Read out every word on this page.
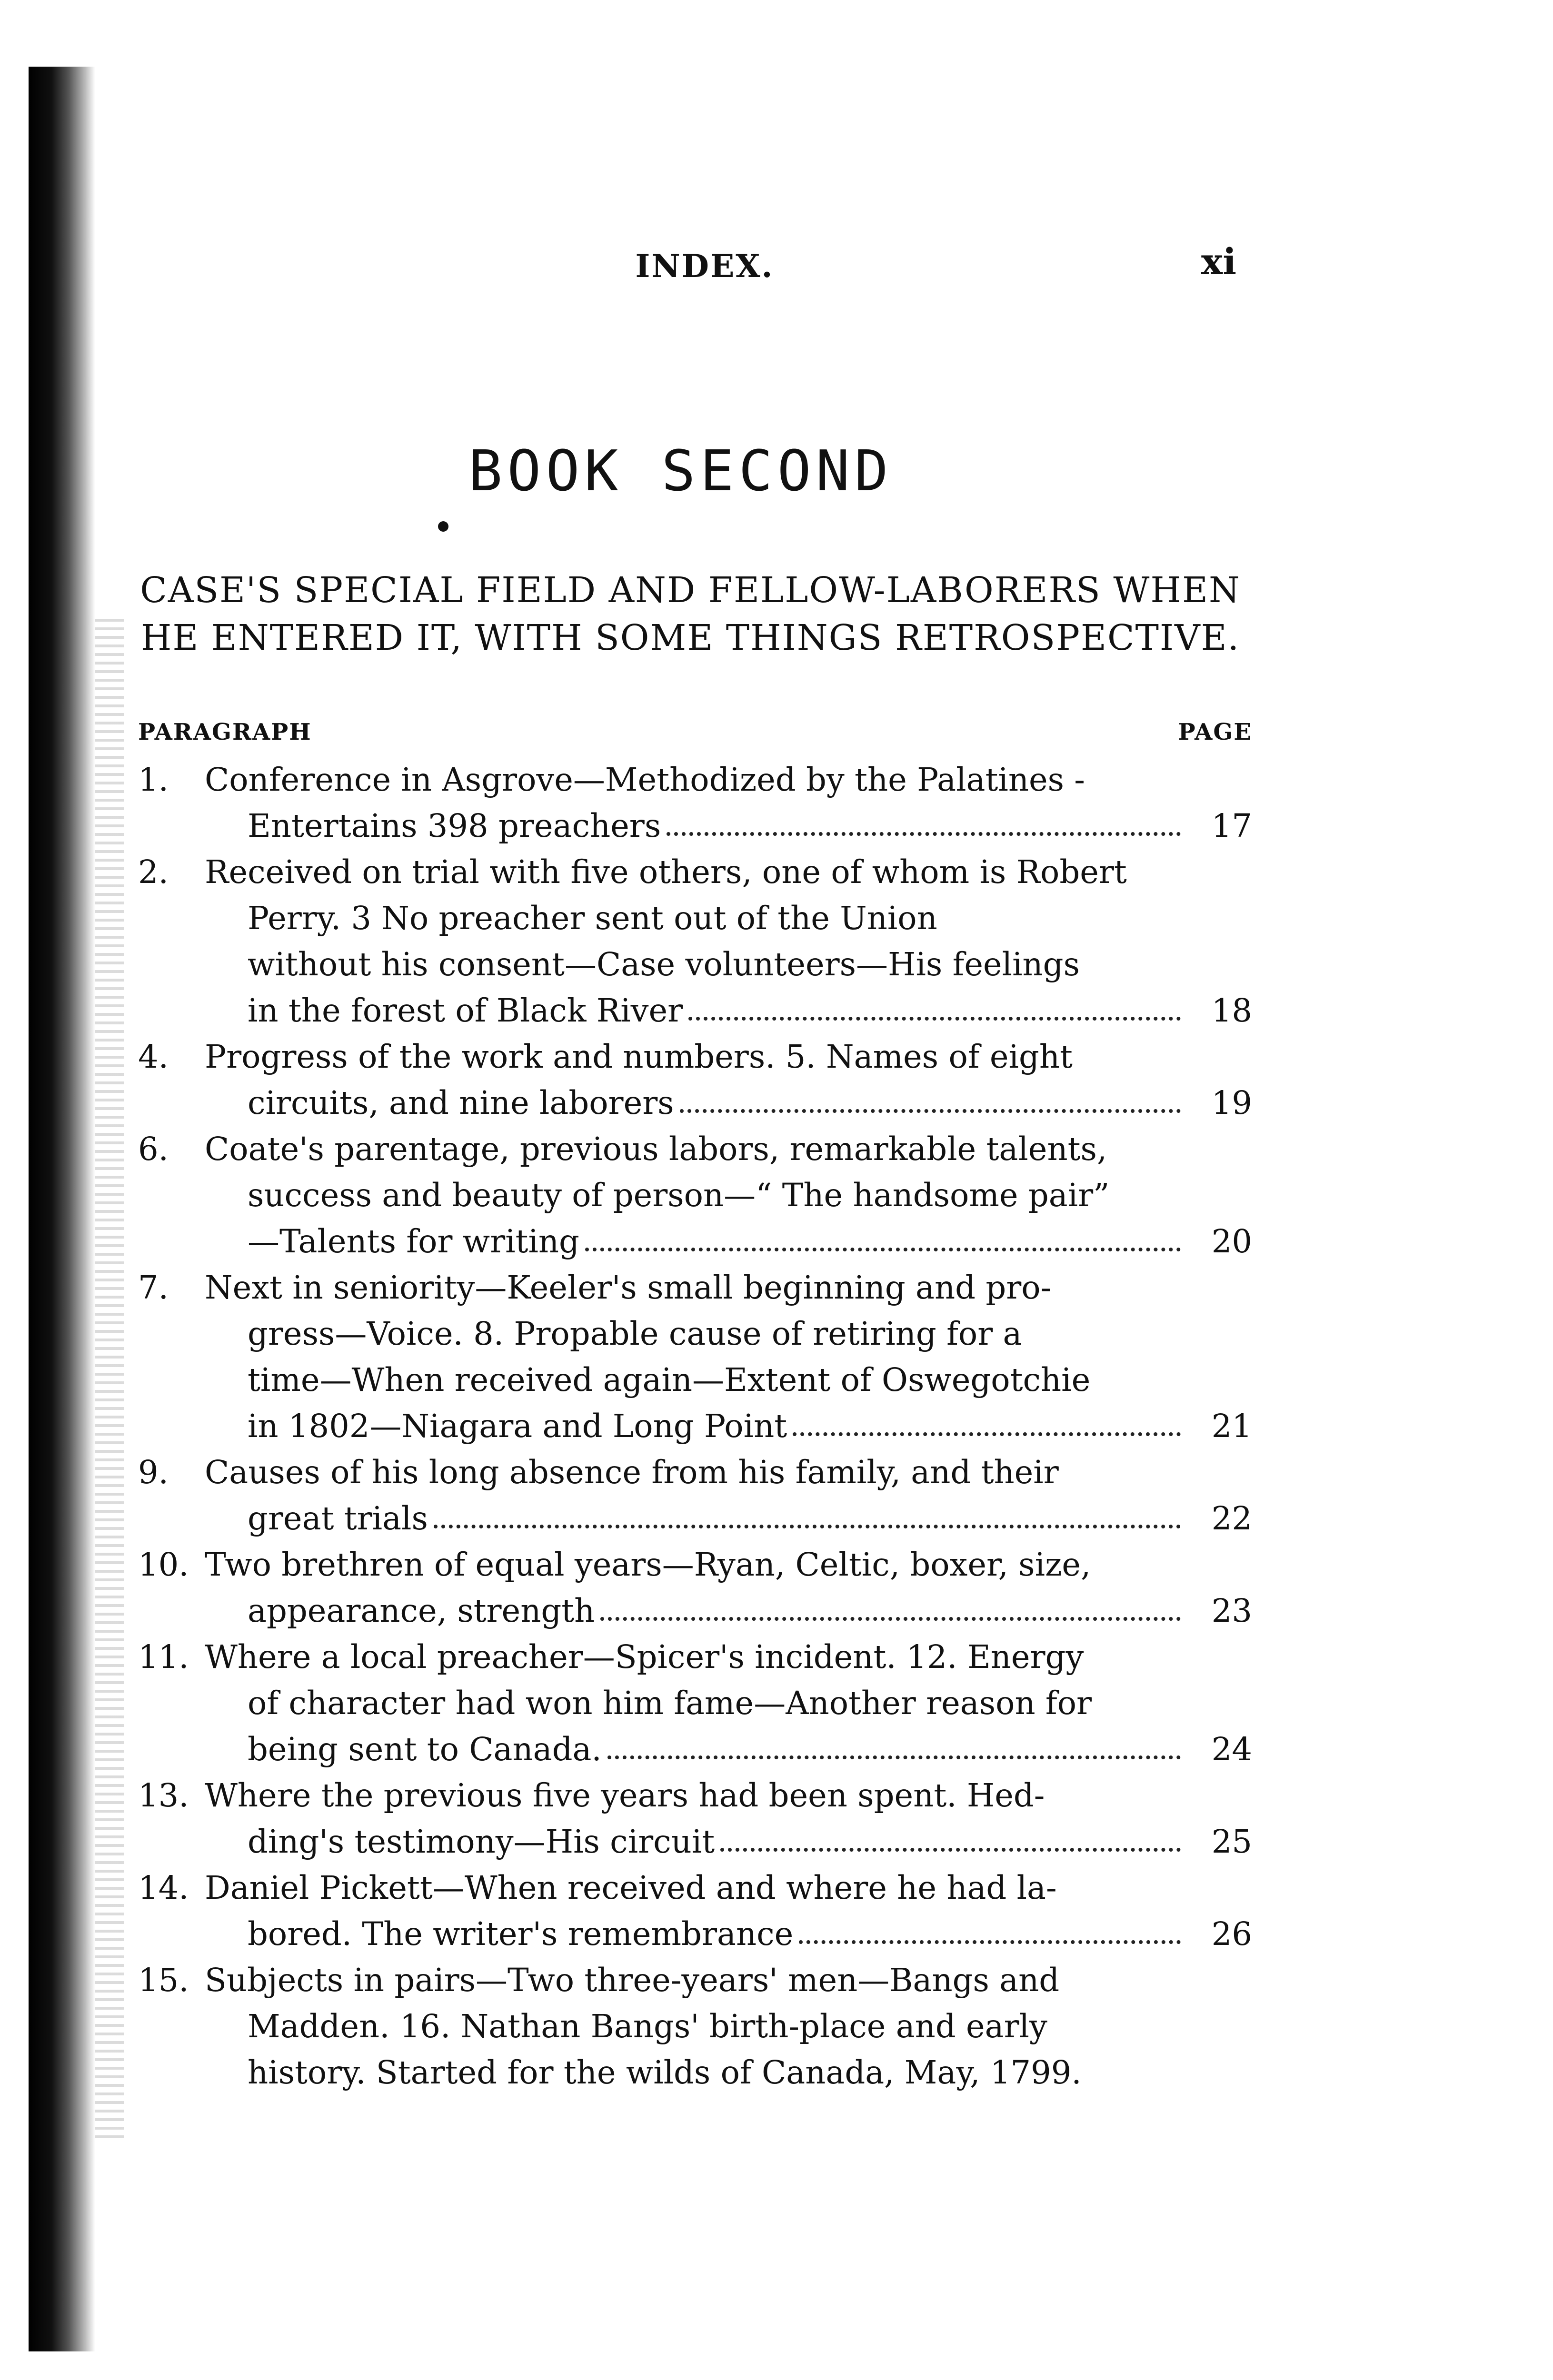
INDEX.	xi
BOOK SECOND
CASE'S SPECIAL FIELD AND FELLOW-LABORERS WHEN
HE ENTERED IT, WITH SOME THINGS RETROSPECTIVE.
PARAGRAPH	PAGE
1. Conference in Asgrove—Methodized by the Palatines -
Entertains 398 preachers	17
2. Received on trial with five others, one of whom is Robert
Perry. 3 No preacher sent out of the Union
without his consent—Case volunteers—His feelings
in the forest of Black River	18
4. Progress of the work and numbers. 5. Names of eight
circuits, and nine laborers	19
6. Coate's parentage, previous labors, remarkable talents,
success and beauty of person—“ The handsome pair”
—Talents for writing	20
7. Next in seniority—Keeler's small beginning and pro-
gress—Voice. 8. Propable cause of retiring for a
time—When received again—Extent of Oswegotchie
in 1802—Niagara and Long Point	21
9. Causes of his long absence from his family, and their
great trials	22
10. Two brethren of equal years—Ryan, Celtic, boxer, size,
appearance, strength	23
11. Where a local preacher—Spicer's incident. 12. Energy
of character had won him fame—Another reason for
being sent to Canada.	24
13. Where the previous five years had been spent. Hed-
ding's testimony—His circuit	25
14. Daniel Pickett—When received and where he had la-
bored. The writer's remembrance	26
15. Subjects in pairs—Two three-years' men—Bangs and
Madden. 16. Nathan Bangs' birth-place and early
history. Started for the wilds of Canada, May, 1799.
